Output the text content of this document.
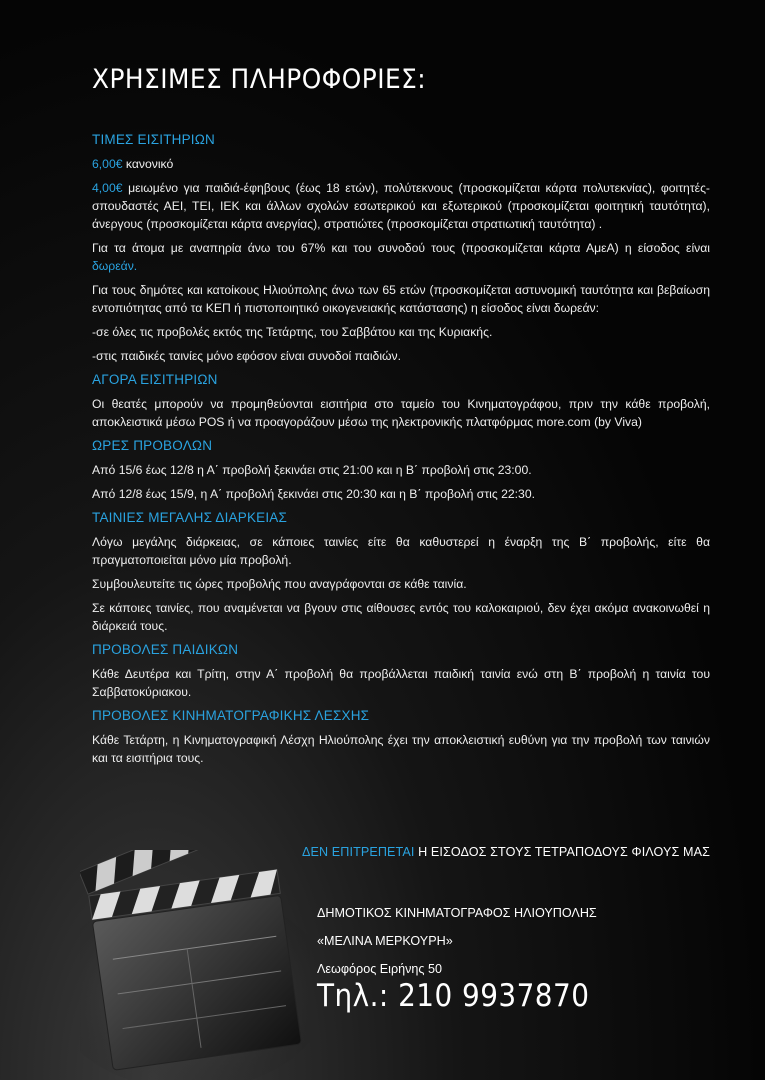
ΧΡΗΣΙΜΕΣ ΠΛΗΡΟΦΟΡΙΕΣ:
ΤΙΜΕΣ ΕΙΣΙΤΗΡΙΩΝ

6,00€ κανονικό

4,00€ μειωμένο για παιδιά-έφηβους (έως 18 ετών), πολύτεκνους (προσκομίζεται κάρτα πολυτεκνίας), φοιτητές-σπουδαστές ΑΕΙ, ΤΕΙ, ΙΕΚ και άλλων σχολών εσωτερικού και εξωτερικού (προσκομίζεται φοιτητική ταυτότητα), άνεργους (προσκομίζεται κάρτα ανεργίας), στρατιώτες (προσκομίζεται στρατιωτική ταυτότητα) .

Για τα άτομα με αναπηρία άνω του 67% και του συνοδού τους (προσκομίζεται κάρτα ΑμεΑ) η είσοδος είναι δωρεάν.

Για τους δημότες και κατοίκους Ηλιούπολης άνω των 65 ετών (προσκομίζεται αστυνομική ταυτότητα και βεβαίωση εντοπιότητας από τα ΚΕΠ ή πιστοποιητικό οικογενειακής κατάστασης) η είσοδος είναι δωρεάν:

-σε όλες τις προβολές εκτός της Τετάρτης, του Σαββάτου και της Κυριακής.

-στις παιδικές ταινίες μόνο εφόσον είναι συνοδοί παιδιών.

ΑΓΟΡΑ ΕΙΣΙΤΗΡΙΩΝ

Οι θεατές μπορούν να προμηθεύονται εισιτήρια στο ταμείο του Κινηματογράφου, πριν την κάθε προβολή, αποκλειστικά μέσω POS ή να προαγοράζουν μέσω της ηλεκτρονικής πλατφόρμας more.com (by Viva)

ΩΡΕΣ ΠΡΟΒΟΛΩΝ

Από 15/6 έως 12/8 η Α΄ προβολή ξεκινάει στις 21:00 και η Β΄ προβολή στις 23:00.

Από 12/8 έως 15/9, η Α΄ προβολή ξεκινάει στις 20:30 και η Β΄ προβολή στις 22:30.

ΤΑΙΝΙΕΣ ΜΕΓΑΛΗΣ ΔΙΑΡΚΕΙΑΣ

Λόγω μεγάλης διάρκειας, σε κάποιες ταινίες είτε θα καθυστερεί η έναρξη της Β΄ προβολής, είτε θα πραγματοποιείται μόνο μία προβολή.

Συμβουλευτείτε τις ώρες προβολής που αναγράφονται σε κάθε ταινία.

Σε κάποιες ταινίες, που αναμένεται να βγουν στις αίθουσες εντός του καλοκαιριού, δεν έχει ακόμα ανακοινωθεί η διάρκειά τους.

ΠΡΟΒΟΛΕΣ ΠΑΙΔΙΚΩΝ

Κάθε Δευτέρα και Τρίτη, στην Α΄ προβολή θα προβάλλεται παιδική ταινία ενώ στη Β΄ προβολή η ταινία του Σαββατοκύριακου.

ΠΡΟΒΟΛΕΣ ΚΙΝΗΜΑΤΟΓΡΑΦΙΚΗΣ ΛΕΣΧΗΣ

Κάθε Τετάρτη, η Κινηματογραφική Λέσχη Ηλιούπολης έχει την αποκλειστική ευθύνη για την προβολή των ταινιών και τα εισιτήρια τους.

ΔΕΝ ΕΠΙΤΡΕΠΕΤΑΙ Η ΕΙΣΟΔΟΣ ΣΤΟΥΣ ΤΕΤΡΑΠΟΔΟΥΣ ΦΙΛΟΥΣ ΜΑΣ
ΔΗΜΟΤΙΚΟΣ ΚΙΝΗΜΑΤΟΓΡΑΦΟΣ ΗΛΙΟΥΠΟΛΗΣ
«ΜΕΛΙΝΑ ΜΕΡΚΟΥΡΗ»
Λεωφόρος Ειρήνης 50
Τηλ.: 210 9937870
